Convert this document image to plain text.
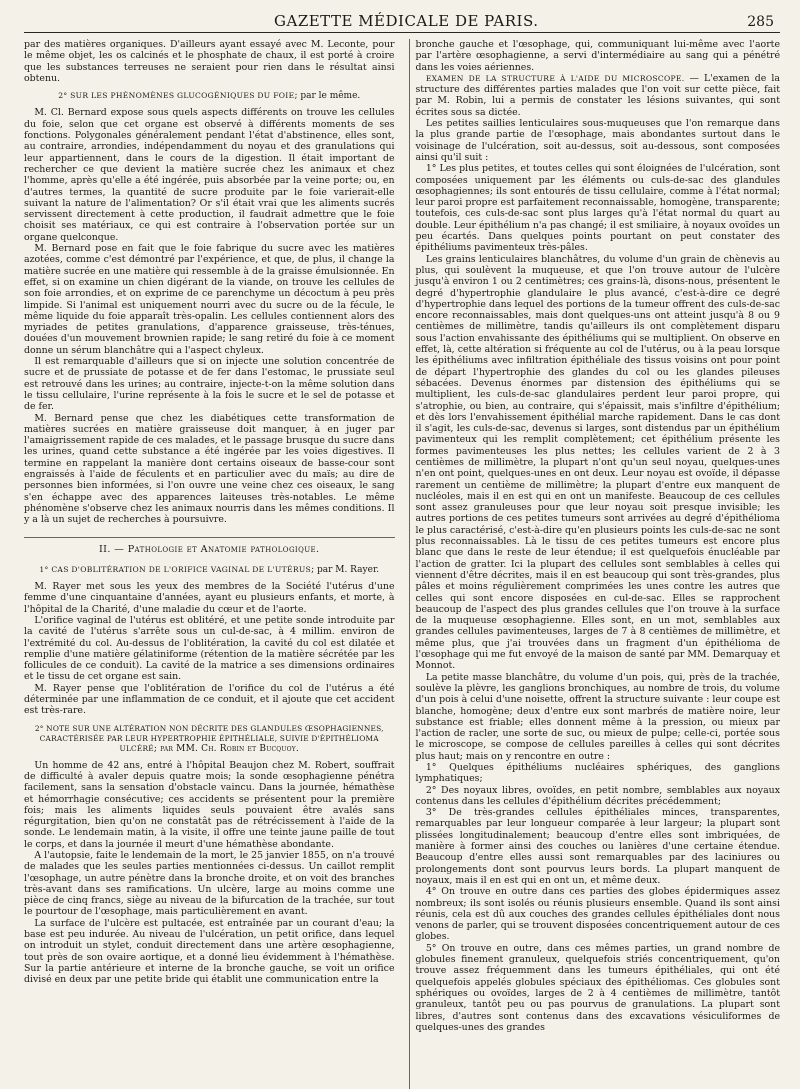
GAZETTE MÉDICALE DE PARIS.	285

par des matières organiques. D'ailleurs ayant essayé avec M. Leconte, pour le même objet, les os calcinés et le phosphate de chaux, il est porté à croire que les substances terreuses ne seraient pour rien dans le résultat ainsi obtenu.

2° SUR LES PHÉNOMÈNES GLUCOGÉNIQUES DU FOIE; par le même.

M. Cl. Bernard expose sous quels aspects différents on trouve les cellules du foie, selon que cet organe est observé à différents moments de ses fonctions. Polygonales généralement pendant l'état d'abstinence, elles sont, au contraire, arrondies, indépendamment du noyau et des granulations qui leur appartiennent, dans le cours de la digestion. Il était important de rechercher ce que devient la matière sucrée chez les animaux et chez l'homme, après qu'elle a été ingérée, puis absorbée par la veine porte; ou, en d'autres termes, la quantité de sucre produite par le foie varierait-elle suivant la nature de l'alimentation? Or s'il était vrai que les aliments sucrés servissent directement à cette production, il faudrait admettre que le foie choisit ses matériaux, ce qui est contraire à l'observation portée sur un organe quelconque.

M. Bernard pose en fait que le foie fabrique du sucre avec les matières azotées, comme c'est démontré par l'expérience, et que, de plus, il change la matière sucrée en une matière qui ressemble à de la graisse émulsionnée. En effet, si on examine un chien digérant de la viande, on trouve les cellules de son foie arrondies, et on exprime de ce parenchyme un décoctum à peu près limpide. Si l'animal est uniquement nourri avec du sucre ou de la fécule, le même liquide du foie apparaît très-opalin. Les cellules contiennent alors des myriades de petites granulations, d'apparence graisseuse, très-ténues, douées d'un mouvement brownien rapide; le sang retiré du foie à ce moment donne un sérum blanchâtre qui a l'aspect chyleux.

Il est remarquable d'ailleurs que si on injecte une solution concentrée de sucre et de prussiate de potasse et de fer dans l'estomac, le prussiate seul est retrouvé dans les urines; au contraire, injecte-t-on la même solution dans le tissu cellulaire, l'urine représente à la fois le sucre et le sel de potasse et de fer.

M. Bernard pense que chez les diabétiques cette transformation de matières sucrées en matière graisseuse doit manquer, à en juger par l'amaigrissement rapide de ces malades, et le passage brusque du sucre dans les urines, quand cette substance a été ingérée par les voies digestives. Il termine en rappelant la manière dont certains oiseaux de basse-cour sont engraissés à l'aide de féculents et en particulier avec du maïs; au dire de personnes bien informées, si l'on ouvre une veine chez ces oiseaux, le sang s'en échappe avec des apparences laiteuses très-notables. Le même phénomène s'observe chez les animaux nourris dans les mêmes conditions. Il y a là un sujet de recherches à poursuivre.

II. — Pathologie et Anatomie pathologique.
1° CAS D'OBLITÉRATION DE L'ORIFICE VAGINAL DE L'UTÉRUS; par M. Rayer.

M. Rayer met sous les yeux des membres de la Société l'utérus d'une femme d'une cinquantaine d'années, ayant eu plusieurs enfants, et morte, à l'hôpital de la Charité, d'une maladie du cœur et de l'aorte.

L'orifice vaginal de l'utérus est oblitéré, et une petite sonde introduite par la cavité de l'utérus s'arrête sous un cul-de-sac, à 4 millim. environ de l'extrémité du col. Au-dessus de l'oblitération, la cavité du col est dilatée et remplie d'une matière gélatiniforme (rétention de la matière sécrétée par les follicules de ce conduit). La cavité de la matrice a ses dimensions ordinaires et le tissu de cet organe est sain.

M. Rayer pense que l'oblitération de l'orifice du col de l'utérus a été déterminée par une inflammation de ce conduit, et il ajoute que cet accident est très-rare.

2° NOTE SUR UNE ALTÉRATION NON DÉCRITE DES GLANDULES ŒSOPHAGIENNES, CARACTÉRISÉE PAR LEUR HYPERTROPHIE ÉPITHÉLIALE, SUIVIE D'ÉPITHÉLIOMA ULCÉRÉ; par MM. Ch. Robin et Bucquoy.

Un homme de 42 ans, entré à l'hôpital Beaujon chez M. Robert, souffrait de difficulté à avaler depuis quatre mois; la sonde œsophagienne pénétra facilement, sans la sensation d'obstacle vaincu. Dans la journée, hémathèse et hémorrhagie consécutive; ces accidents se présentent pour la première fois; mais les aliments liquides seuls pouvaient être avalés sans régurgitation, bien qu'on ne constatât pas de rétrécissement à l'aide de la sonde. Le lendemain matin, à la visite, il offre une teinte jaune paille de tout le corps, et dans la journée il meurt d'une hémathèse abondante.

A l'autopsie, faite le lendemain de la mort, le 25 janvier 1855, on n'a trouvé de malades que les seules parties mentionnées ci-dessus. Un caillot remplit l'œsophage, un autre pénètre dans la bronche droite, et on voit des branches très-avant dans ses ramifications. Un ulcère, large au moins comme une pièce de cinq francs, siège au niveau de la bifurcation de la trachée, sur tout le pourtour de l'œsophage, mais particulièrement en avant.

La surface de l'ulcère est pultacée, est entraînée par un courant d'eau; la base est peu indurée. Au niveau de l'ulcération, un petit orifice, dans lequel on introduit un stylet, conduit directement dans une artère œsophagienne, tout près de son ovaire aortique, et a donné lieu évidemment à l'hémathèse. Sur la partie antérieure et interne de la bronche gauche, se voit un orifice divisé en deux par une petite bride qui établit une communication entre la

bronche gauche et l'œsophage, qui, communiquant lui-même avec l'aorte par l'artère œsophagienne, a servi d'intermédiaire au sang qui a pénétré dans les voies aériennes.

EXAMEN DE LA STRUCTURE À L'AIDE DU MICROSCOPE. — L'examen de la structure des différentes parties malades que l'on voit sur cette pièce, fait par M. Robin, lui a permis de constater les lésions suivantes, qui sont écrites sous sa dictée.

Les petites saillies lenticulaires sous-muqueuses que l'on remarque dans la plus grande partie de l'œsophage, mais abondantes surtout dans le voisinage de l'ulcération, soit au-dessus, soit au-dessous, sont composées ainsi qu'il suit :

1° Les plus petites, et toutes celles qui sont éloignées de l'ulcération, sont composées uniquement par les éléments ou culs-de-sac des glandules œsophagiennes; ils sont entourés de tissu cellulaire, comme à l'état normal; leur paroi propre est parfaitement reconnaissable, homogène, transparente; toutefois, ces culs-de-sac sont plus larges qu'à l'état normal du quart au double. Leur épithélium n'a pas changé; il est smiliaire, à noyaux ovoïdes un peu écartés. Dans quelques points pourtant on peut constater des épithéliums pavimenteux très-pâles.

Les grains lenticulaires blanchâtres, du volume d'un grain de chènevis au plus, qui soulèvent la muqueuse, et que l'on trouve autour de l'ulcère jusqu'à environ 1 ou 2 centimètres; ces grains-là, disons-nous, présentent le degré d'hypertrophie glandulaire le plus avancé, c'est-à-dire ce degré d'hypertrophie dans lequel des portions de la tumeur offrent des culs-de-sac encore reconnaissables, mais dont quelques-uns ont atteint jusqu'à 8 ou 9 centièmes de millimètre, tandis qu'ailleurs ils ont complètement disparu sous l'action envahissante des épithéliums qui se multiplient. On observe en effet, là, cette altération si fréquente au col de l'utérus, ou à la peau lorsque les épithéliums avec infiltration épithéliale des tissus voisins ont pour point de départ l'hypertrophie des glandes du col ou les glandes pileuses sébacées. Devenus énormes par distension des épithéliums qui se multiplient, les culs-de-sac glandulaires perdent leur paroi propre, qui s'atrophie, ou bien, au contraire, qui s'épaissit, mais s'infiltre d'épithélium; et dès lors l'envahissement épithélial marche rapidement. Dans le cas dont il s'agit, les culs-de-sac, devenus si larges, sont distendus par un épithélium pavimenteux qui les remplit complètement; cet épithélium présente les formes pavimenteuses les plus nettes; les cellules varient de 2 à 3 centièmes de millimètre, la plupart n'ont qu'un seul noyau, quelques-unes n'en ont point, quelques-unes en ont deux. Leur noyau est ovoïde, il dépasse rarement un centième de millimètre; la plupart d'entre eux manquent de nucléoles, mais il en est qui en ont un manifeste. Beaucoup de ces cellules sont assez granuleuses pour que leur noyau soit presque invisible; les autres portions de ces petites tumeurs sont arrivées au degré d'épithélioma le plus caractérisé, c'est-à-dire qu'en plusieurs points les culs-de-sac ne sont plus reconnaissables. Là le tissu de ces petites tumeurs est encore plus blanc que dans le reste de leur étendue; il est quelquefois énucléable par l'action de gratter. Ici la plupart des cellules sont semblables à celles qui viennent d'être décrites, mais il en est beaucoup qui sont très-grandes, plus pâles et moins régulièrement comprimées les unes contre les autres que celles qui sont encore disposées en cul-de-sac. Elles se rapprochent beaucoup de l'aspect des plus grandes cellules que l'on trouve à la surface de la muqueuse œsophagienne. Elles sont, en un mot, semblables aux grandes cellules pavimenteuses, larges de 7 à 8 centièmes de millimètre, et même plus, que j'ai trouvées dans un fragment d'un épithélioma de l'œsophage qui me fut envoyé de la maison de santé par MM. Demarquay et Monnot.

La petite masse blanchâtre, du volume d'un pois, qui, près de la trachée, soulève la plèvre, les ganglions bronchiques, au nombre de trois, du volume d'un pois à celui d'une noisette, offrent la structure suivante : leur coupe est blanche, homogène; deux d'entre eux sont marbrés de matière noire, leur substance est friable; elles donnent même à la pression, ou mieux par l'action de racler, une sorte de suc, ou mieux de pulpe; celle-ci, portée sous le microscope, se compose de cellules pareilles à celles qui sont décrites plus haut; mais on y rencontre en outre :

1° Quelques épithéliums nucléaires sphériques, des ganglions lymphatiques;

2° Des noyaux libres, ovoïdes, en petit nombre, semblables aux noyaux contenus dans les cellules d'épithélium décrites précédemment;

3° De très-grandes cellules épithéliales minces, transparentes, remarquables par leur longueur comparée à leur largeur; la plupart sont plissées longitudinalement; beaucoup d'entre elles sont imbriquées, de manière à former ainsi des couches ou lanières d'une certaine étendue. Beaucoup d'entre elles aussi sont remarquables par des laciniures ou prolongements dont sont pourvus leurs bords. La plupart manquent de noyaux, mais il en est qui en ont un, et même deux.

4° On trouve en outre dans ces parties des globes épidermiques assez nombreux; ils sont isolés ou réunis plusieurs ensemble. Quand ils sont ainsi réunis, cela est dû aux couches des grandes cellules épithéliales dont nous venons de parler, qui se trouvent disposées concentriquement autour de ces globes.

5° On trouve en outre, dans ces mêmes parties, un grand nombre de globules finement granuleux, quelquefois striés concentriquement, qu'on trouve assez fréquemment dans les tumeurs épithéliales, qui ont été quelquefois appelés globules spéciaux des épithéliomas. Ces globules sont sphériques ou ovoïdes, larges de 2 à 4 centièmes de millimètre, tantôt granuleux, tantôt peu ou pas pourvus de granulations. La plupart sont libres, d'autres sont contenus dans des excavations vésiculiformes de quelques-unes des grandes
